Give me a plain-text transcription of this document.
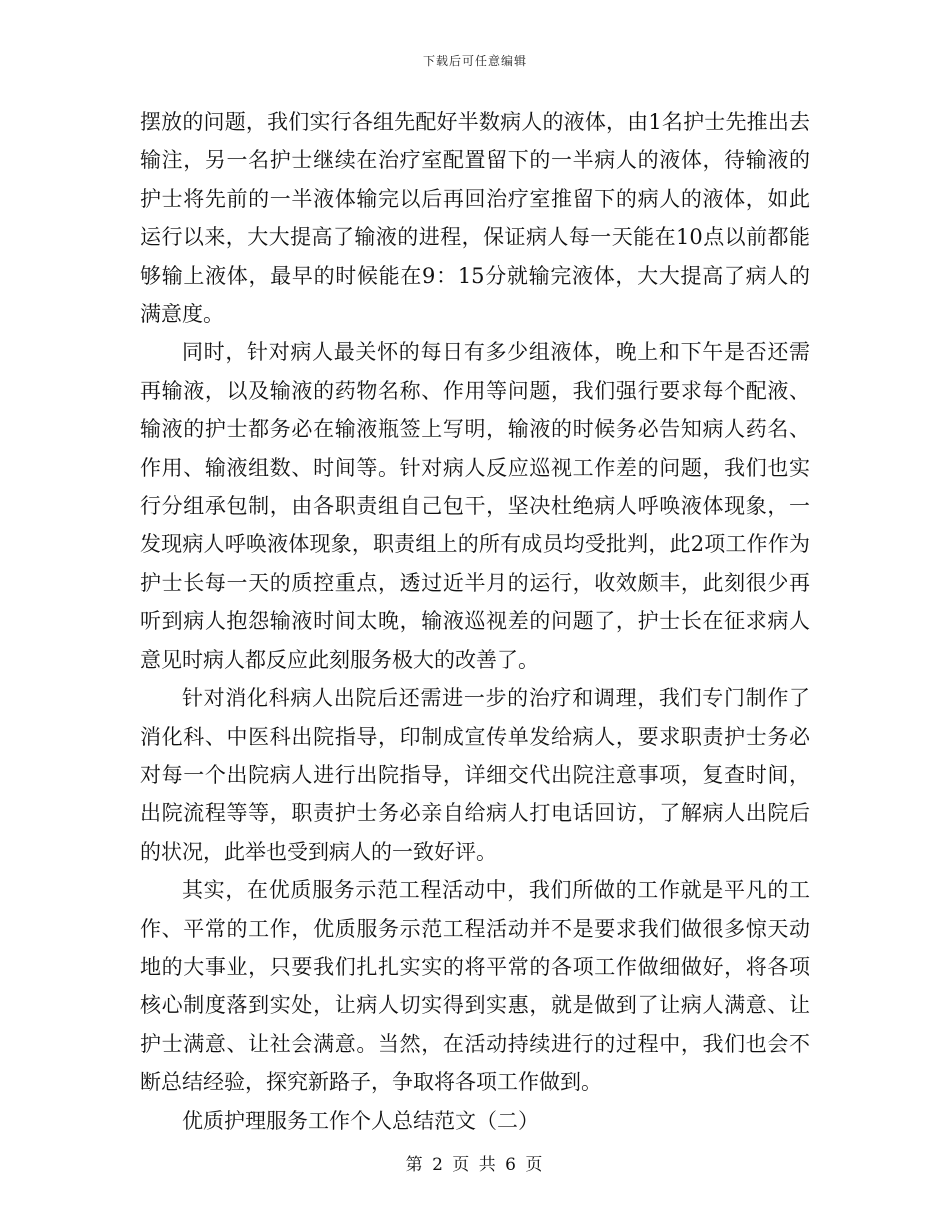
下载后可任意编辑

摆放的问题，我们实行各组先配好半数病人的液体，由1名护士先推出去输注，另一名护士继续在治疗室配置留下的一半病人的液体，待输液的护士将先前的一半液体输完以后再回治疗室推留下的病人的液体，如此运行以来，大大提高了输液的进程，保证病人每一天能在10点以前都能够输上液体，最早的时候能在9：15分就输完液体，大大提高了病人的满意度。

同时，针对病人最关怀的每日有多少组液体，晚上和下午是否还需再输液，以及输液的药物名称、作用等问题，我们强行要求每个配液、输液的护士都务必在输液瓶签上写明，输液的时候务必告知病人药名、作用、输液组数、时间等。针对病人反应巡视工作差的问题，我们也实行分组承包制，由各职责组自己包干，坚决杜绝病人呼唤液体现象，一发现病人呼唤液体现象，职责组上的所有成员均受批判，此2项工作作为护士长每一天的质控重点，透过近半月的运行，收效颇丰，此刻很少再听到病人抱怨输液时间太晚，输液巡视差的问题了，护士长在征求病人意见时病人都反应此刻服务极大的改善了。

针对消化科病人出院后还需进一步的治疗和调理，我们专门制作了消化科、中医科出院指导，印制成宣传单发给病人，要求职责护士务必对每一个出院病人进行出院指导，详细交代出院注意事项，复查时间，出院流程等等，职责护士务必亲自给病人打电话回访，了解病人出院后的状况，此举也受到病人的一致好评。

其实，在优质服务示范工程活动中，我们所做的工作就是平凡的工作、平常的工作，优质服务示范工程活动并不是要求我们做很多惊天动地的大事业，只要我们扎扎实实的将平常的各项工作做细做好，将各项核心制度落到实处，让病人切实得到实惠，就是做到了让病人满意、让护士满意、让社会满意。当然，在活动持续进行的过程中，我们也会不断总结经验，探究新路子，争取将各项工作做到。

优质护理服务工作个人总结范文（二）

第 2 页 共 6 页
